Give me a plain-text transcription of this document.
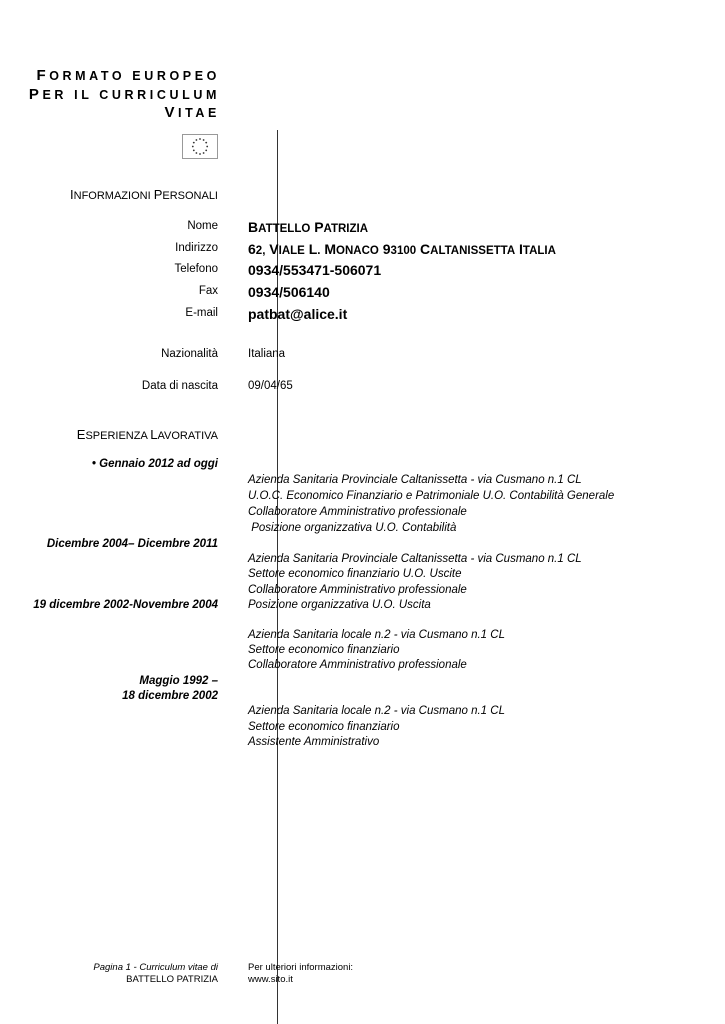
FORMATO EUROPEO
PER IL CURRICULUM
VITAE
INFORMAZIONI PERSONALI
Nome BATTELLO PATRIZIA
Indirizzo 62, VIALE L. MONACO 93100 CALTANISSETTA ITALIA
Telefono 0934/553471-506071
Fax 0934/506140
E-mail patbat@alice.it
Nazionalità	Italiana
Data di nascita	09/04/65
ESPERIENZA LAVORATIVA
• Gennaio 2012 ad oggi
Dicembre 2004– Dicembre 2011
19 dicembre 2002-Novembre 2004
Maggio 1992 –
18 dicembre 2002
Azienda Sanitaria Provinciale Caltanissetta - via Cusmano n.1 CL
U.O.C. Economico Finanziario e Patrimoniale U.O. Contabilità Generale
Collaboratore Amministrativo professionale
Posizione organizzativa U.O. Contabilità
Azienda Sanitaria Provinciale Caltanissetta - via Cusmano n.1 CL
Settore economico finanziario U.O. Uscite
Collaboratore Amministrativo professionale
Posizione organizzativa U.O. Uscita
Azienda Sanitaria locale n.2 - via Cusmano n.1 CL
Settore economico finanziario
Collaboratore Amministrativo professionale
Azienda Sanitaria locale n.2 - via Cusmano n.1 CL
Settore economico finanziario
Assistente Amministrativo
Pagina 1 - Curriculum vitae di
BATTELLO PATRIZIA
Per ulteriori informazioni:
www.sito.it
